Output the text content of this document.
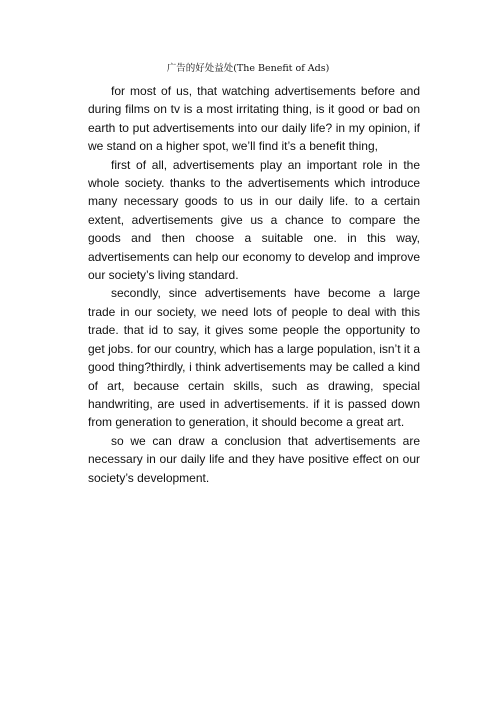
广告的好处益处(The Benefit of Ads)

for most of us, that watching advertisements before and during films on tv is a most irritating thing, is it good or bad on earth to put advertisements into our daily life? in my opinion, if we stand on a higher spot, we’ll find it’s a benefit thing,

first of all, advertisements play an important role in the whole society. thanks to the advertisements which introduce many necessary goods to us in our daily life. to a certain extent, advertisements give us a chance to compare the goods and then choose a suitable one. in this way, advertisements can help our economy to develop and improve our society’s living standard.

secondly, since advertisements have become a large trade in our society, we need lots of people to deal with this trade. that id to say, it gives some people the opportunity to get jobs. for our country, which has a large population, isn’t it a good thing?thirdly, i think advertisements may be called a kind of art, because certain skills, such as drawing, special handwriting, are used in advertisements. if it is passed down from generation to generation, it should become a great art.

so we can draw a conclusion that advertisements are necessary in our daily life and they have positive effect on our society’s development.
